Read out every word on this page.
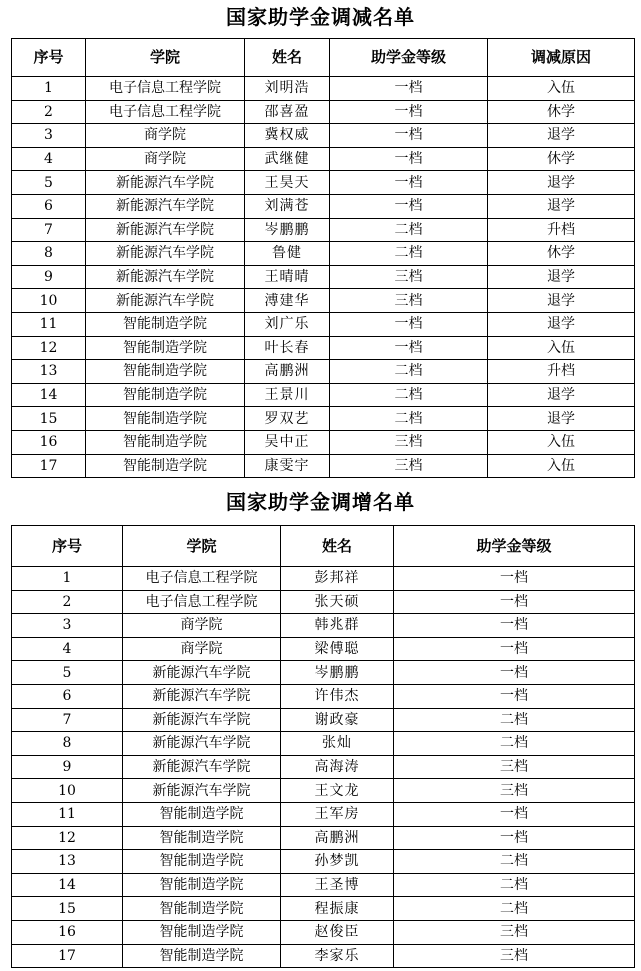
国家助学金调减名单
序号	学院	姓名	助学金等级	调减原因
1	电子信息工程学院	刘明浩	一档	入伍
2	电子信息工程学院	邵喜盈	一档	休学
3	商学院	冀权威	一档	退学
4	商学院	武继健	一档	休学
5	新能源汽车学院	王昊天	一档	退学
6	新能源汽车学院	刘满苍	一档	退学
7	新能源汽车学院	岑鹏鹏	二档	升档
8	新能源汽车学院	鲁健	二档	休学
9	新能源汽车学院	王晴晴	三档	退学
10	新能源汽车学院	溥建华	三档	退学
11	智能制造学院	刘广乐	一档	退学
12	智能制造学院	叶长春	一档	入伍
13	智能制造学院	高鹏洲	二档	升档
14	智能制造学院	王景川	二档	退学
15	智能制造学院	罗双艺	二档	退学
16	智能制造学院	吴中正	三档	入伍
17	智能制造学院	康雯宇	三档	入伍
国家助学金调增名单
序号	学院	姓名	助学金等级
1	电子信息工程学院	彭邦祥	一档
2	电子信息工程学院	张天硕	一档
3	商学院	韩兆群	一档
4	商学院	梁傅聪	一档
5	新能源汽车学院	岑鹏鹏	一档
6	新能源汽车学院	许伟杰	一档
7	新能源汽车学院	谢政豪	二档
8	新能源汽车学院	张灿	二档
9	新能源汽车学院	高海涛	三档
10	新能源汽车学院	王文龙	三档
11	智能制造学院	王军房	一档
12	智能制造学院	高鹏洲	一档
13	智能制造学院	孙梦凯	二档
14	智能制造学院	王圣博	二档
15	智能制造学院	程振康	二档
16	智能制造学院	赵俊臣	三档
17	智能制造学院	李家乐	三档
